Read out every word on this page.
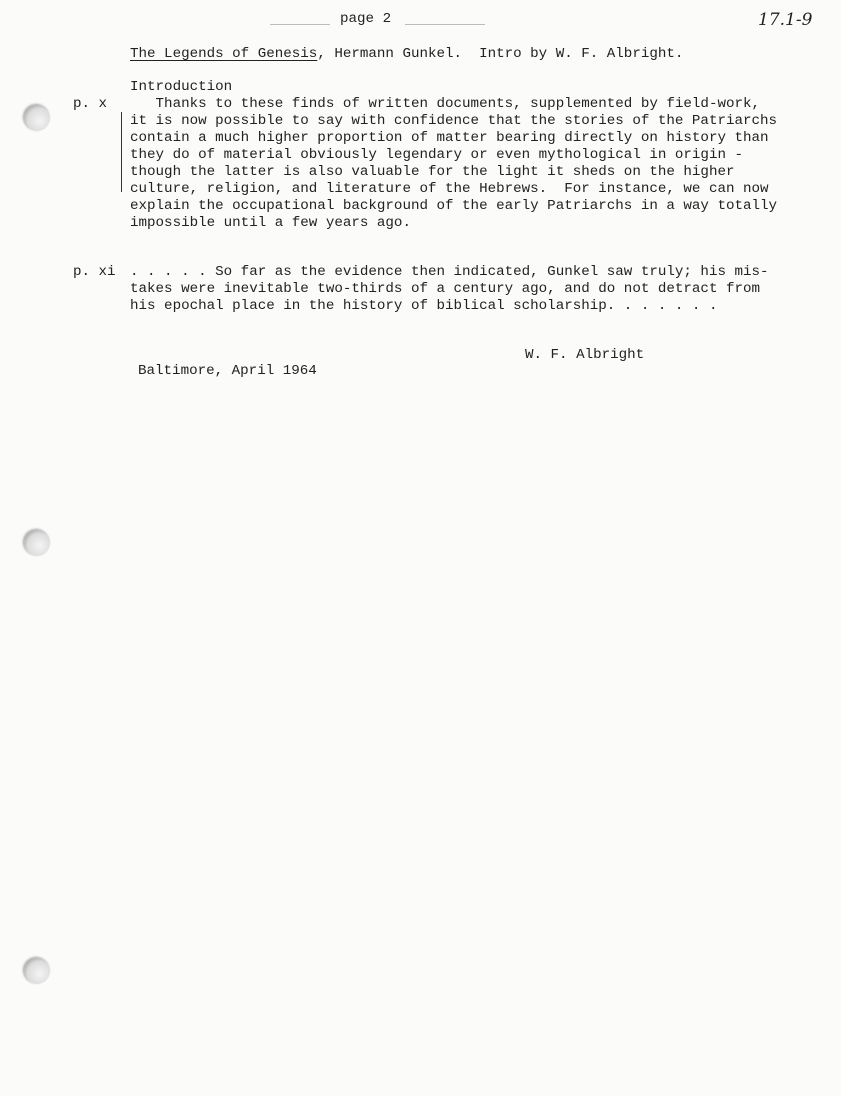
page 2	17.1-9
The Legends of Genesis, Hermann Gunkel.  Intro by W. F. Albright.
Introduction
p. x Thanks to these finds of written documents, supplemented by field-work,
it is now possible to say with confidence that the stories of the Patriarchs
contain a much higher proportion of matter bearing directly on history than
they do of material obviously legendary or even mythological in origin -
though the latter is also valuable for the light it sheds on the higher
culture, religion, and literature of the Hebrews.  For instance, we can now
explain the occupational background of the early Patriarchs in a way totally
impossible until a few years ago.
p. xi . . . . . So far as the evidence then indicated, Gunkel saw truly; his mis-
takes were inevitable two-thirds of a century ago, and do not detract from
his epochal place in the history of biblical scholarship. . . . . . .
W. F. Albright
Baltimore, April 1964
